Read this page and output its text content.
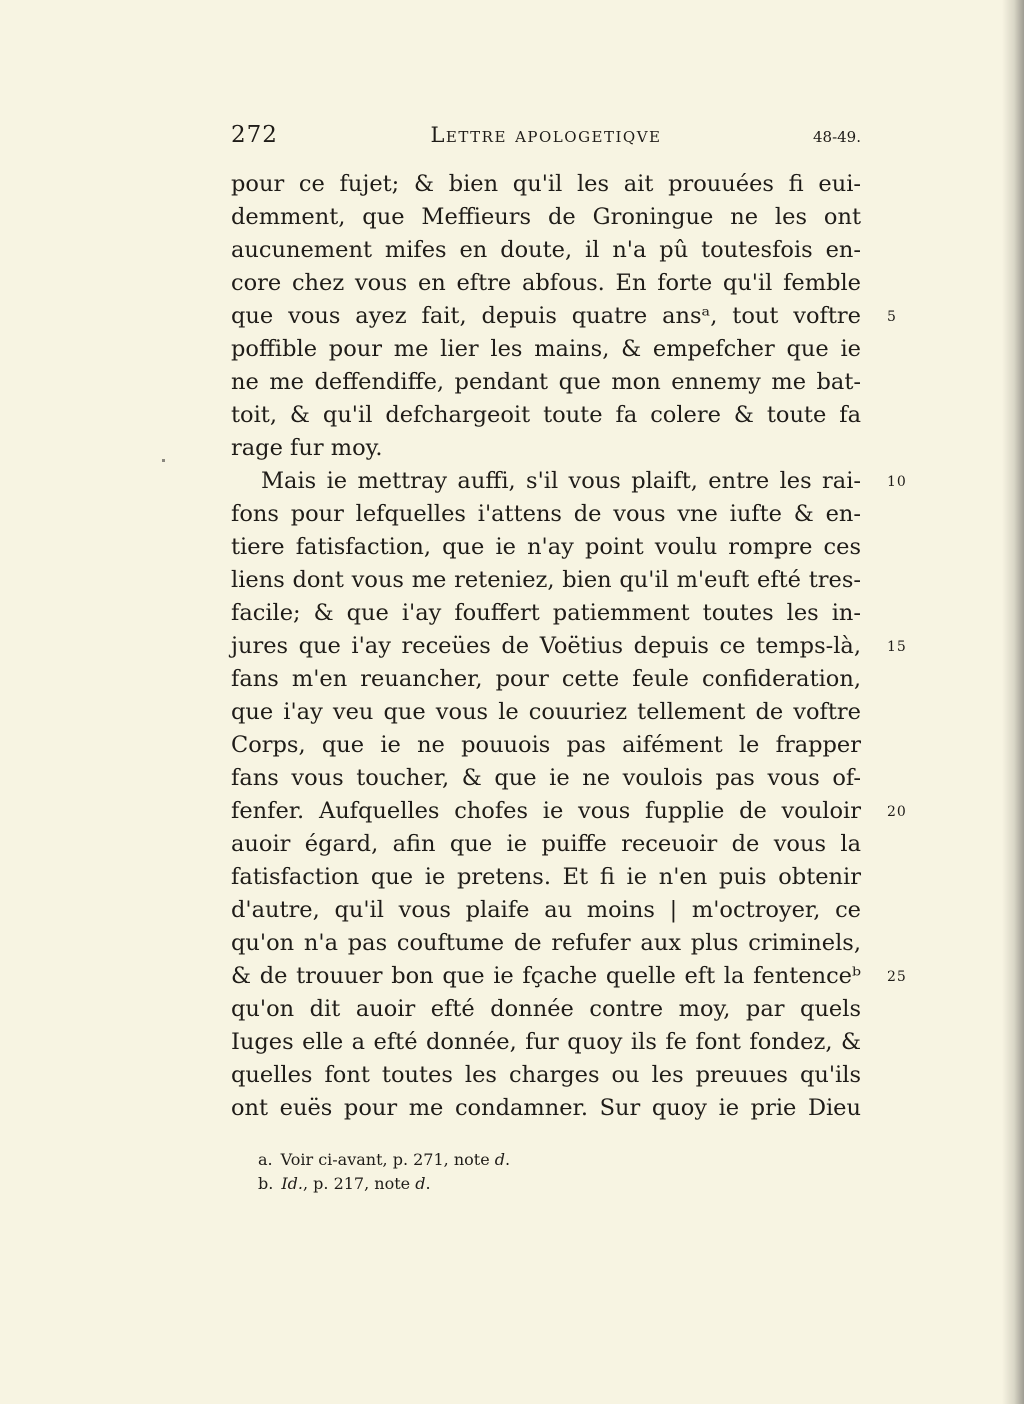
272	Lettre apologetiqve	48-49.
pour ce fujet; & bien qu'il les ait prouuées fi eui-
demment, que Meffieurs de Groningue ne les ont
aucunement mifes en doute, il n'a pû toutesfois en-
core chez vous en eftre abfous. En forte qu'il femble
que vous ayez fait, depuis quatre ansᵃ, tout voftre 5
poffible pour me lier les mains, & empefcher que ie
ne me deffendiffe, pendant que mon ennemy me bat-
toit, & qu'il defchargeoit toute fa colere & toute fa
rage fur moy.
Mais ie mettray auffi, s'il vous plaift, entre les rai- 10
fons pour lefquelles i'attens de vous vne iufte & en-
tiere fatisfaction, que ie n'ay point voulu rompre ces
liens dont vous me reteniez, bien qu'il m'euft efté tres-
facile; & que i'ay fouffert patiemment toutes les in-
jures que i'ay receües de Voëtius depuis ce temps-là, 15
fans m'en reuancher, pour cette feule confideration,
que i'ay veu que vous le couuriez tellement de voftre
Corps, que ie ne pouuois pas aifément le frapper
fans vous toucher, & que ie ne voulois pas vous of-
fenfer. Aufquelles chofes ie vous fupplie de vouloir 20
auoir égard, afin que ie puiffe receuoir de vous la
fatisfaction que ie pretens. Et fi ie n'en puis obtenir
d'autre, qu'il vous plaife au moins | m'octroyer, ce
qu'on n'a pas couftume de refufer aux plus criminels,
& de trouuer bon que ie fçache quelle eft la fentenceᵇ 25
qu'on dit auoir efté donnée contre moy, par quels
Iuges elle a efté donnée, fur quoy ils fe font fondez, &
quelles font toutes les charges ou les preuues qu'ils
ont euës pour me condamner. Sur quoy ie prie Dieu
a. Voir ci-avant, p. 271, note d.
b. Id., p. 217, note d.
